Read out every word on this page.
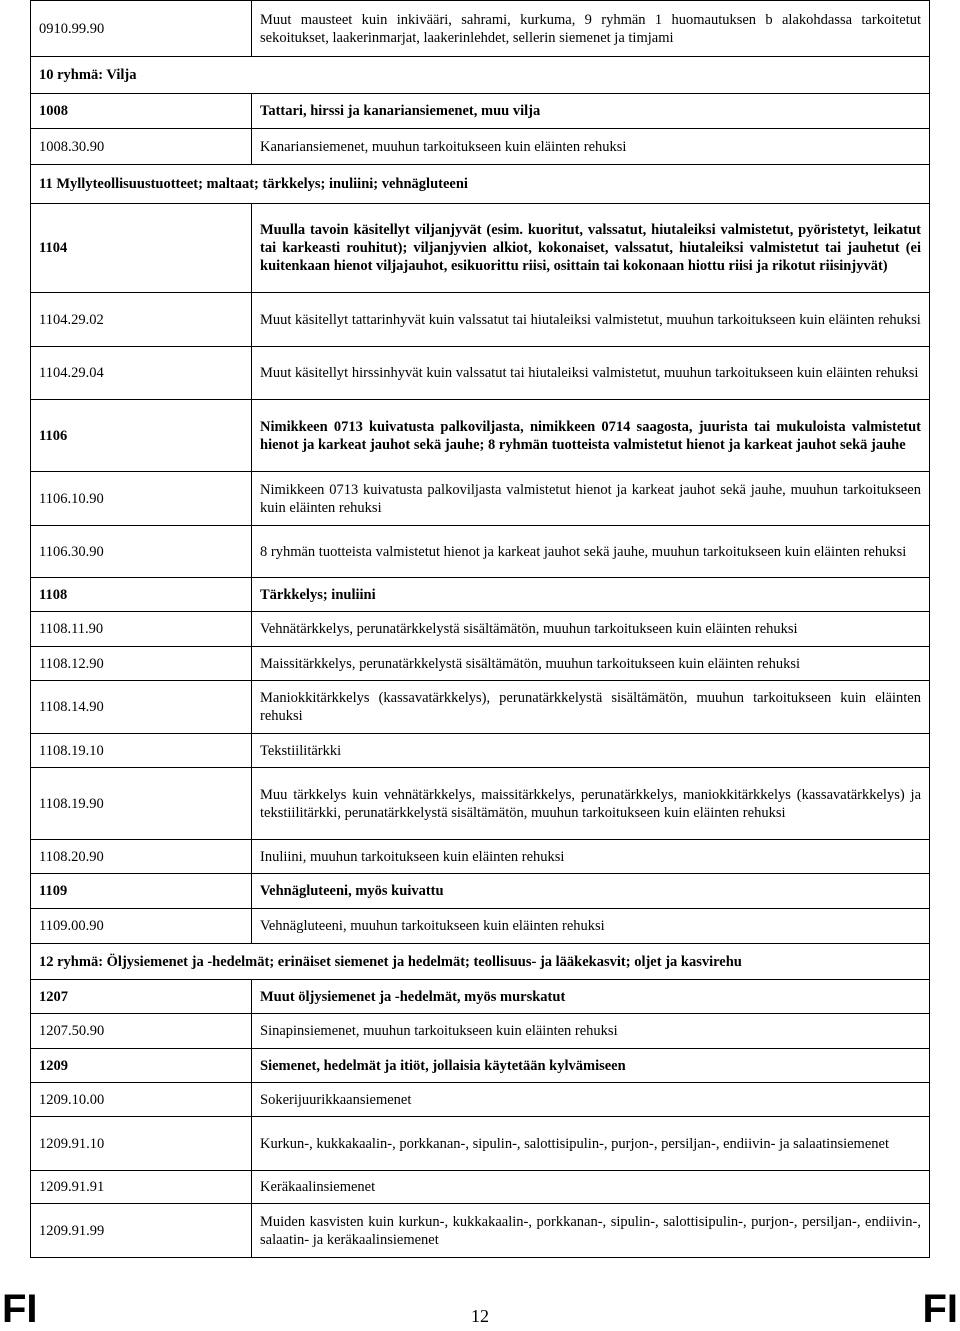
0910.99.90	Muut mausteet kuin inkivääri, sahrami, kurkuma, 9 ryhmän 1 huomautuksen b alakohdassa tarkoitetut sekoitukset, laakerinmarjat, laakerinlehdet, sellerin siemenet ja timjami
10 ryhmä: Vilja	
1008	Tattari, hirssi ja kanariansiemenet, muu vilja
1008.30.90	Kanariansiemenet, muuhun tarkoitukseen kuin eläinten rehuksi
11 Myllyteollisuustuotteet; maltaat; tärkkelys; inuliini; vehnägluteeni	
1104	Muulla tavoin käsitellyt viljanjyvät (esim. kuoritut, valssatut, hiutaleiksi valmistetut, pyöristetyt, leikatut tai karkeasti rouhitut); viljanjyvien alkiot, kokonaiset, valssatut, hiutaleiksi valmistetut tai jauhetut (ei kuitenkaan hienot viljajauhot, esikuorittu riisi, osittain tai kokonaan hiottu riisi ja rikotut riisinjyvät)
1104.29.02	Muut käsitellyt tattarinhyvät kuin valssatut tai hiutaleiksi valmistetut, muuhun tarkoitukseen kuin eläinten rehuksi
1104.29.04	Muut käsitellyt hirssinhyvät kuin valssatut tai hiutaleiksi valmistetut, muuhun tarkoitukseen kuin eläinten rehuksi
1106	Nimikkeen 0713 kuivatusta palkoviljasta, nimikkeen 0714 saagosta, juurista tai mukuloista valmistetut hienot ja karkeat jauhot sekä jauhe; 8 ryhmän tuotteista valmistetut hienot ja karkeat jauhot sekä jauhe
1106.10.90	Nimikkeen 0713 kuivatusta palkoviljasta valmistetut hienot ja karkeat jauhot sekä jauhe, muuhun tarkoitukseen kuin eläinten rehuksi
1106.30.90	8 ryhmän tuotteista valmistetut hienot ja karkeat jauhot sekä jauhe, muuhun tarkoitukseen kuin eläinten rehuksi
1108	Tärkkelys; inuliini
1108.11.90	Vehnätärkkelys, perunatärkkelystä sisältämätön, muuhun tarkoitukseen kuin eläinten rehuksi
1108.12.90	Maissitärkkelys, perunatärkkelystä sisältämätön, muuhun tarkoitukseen kuin eläinten rehuksi
1108.14.90	Maniokkitärkkelys (kassavatärkkelys), perunatärkkelystä sisältämätön, muuhun tarkoitukseen kuin eläinten rehuksi
1108.19.10	Tekstiilitärkki
1108.19.90	Muu tärkkelys kuin vehnätärkkelys, maissitärkkelys, perunatärkkelys, maniokkitärkkelys (kassavatärkkelys) ja tekstiilitärkki, perunatärkkelystä sisältämätön, muuhun tarkoitukseen kuin eläinten rehuksi
1108.20.90	Inuliini, muuhun tarkoitukseen kuin eläinten rehuksi
1109	Vehnägluteeni, myös kuivattu
1109.00.90	Vehnägluteeni, muuhun tarkoitukseen kuin eläinten rehuksi
12 ryhmä: Öljysiemenet ja -hedelmät; erinäiset siemenet ja hedelmät; teollisuus- ja lääkekasvit; oljet ja kasvirehu	
1207	Muut öljysiemenet ja -hedelmät, myös murskatut
1207.50.90	Sinapinsiemenet, muuhun tarkoitukseen kuin eläinten rehuksi
1209	Siemenet, hedelmät ja itiöt, jollaisia käytetään kylvämiseen
1209.10.00	Sokerijuurikkaansiemenet
1209.91.10	Kurkun-, kukkakaalin-, porkkanan-, sipulin-, salottisipulin-, purjon-, persiljan-, endiivin- ja salaatinsiemenet
1209.91.91	Keräkaalinsiemenet
1209.91.99	Muiden kasvisten kuin kurkun-, kukkakaalin-, porkkanan-, sipulin-, salottisipulin-, purjon-, persiljan-, endiivin-, salaatin- ja keräkaalinsiemenet
FI	12	FI
